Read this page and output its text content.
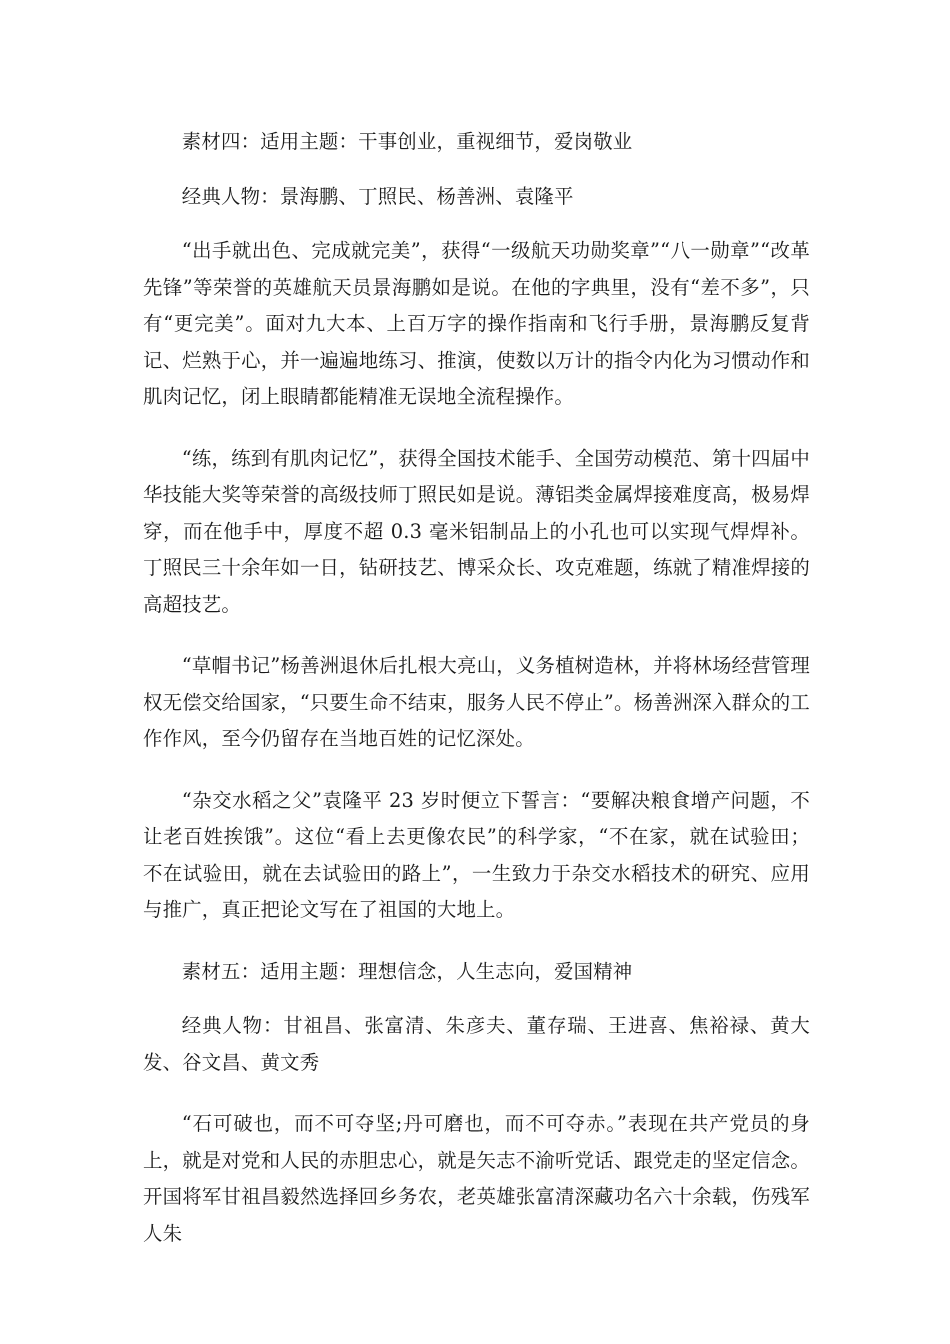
素材四：适用主题：干事创业，重视细节，爱岗敬业

经典人物：景海鹏、丁照民、杨善洲、袁隆平

“出手就出色、完成就完美”，获得“一级航天功勋奖章”“八一勋章”“改革先锋”等荣誉的英雄航天员景海鹏如是说。在他的字典里，没有“差不多”，只有“更完美”。面对九大本、上百万字的操作指南和飞行手册，景海鹏反复背记、烂熟于心，并一遍遍地练习、推演，使数以万计的指令内化为习惯动作和肌肉记忆，闭上眼睛都能精准无误地全流程操作。

“练，练到有肌肉记忆”，获得全国技术能手、全国劳动模范、第十四届中华技能大奖等荣誉的高级技师丁照民如是说。薄铝类金属焊接难度高，极易焊穿，而在他手中，厚度不超 0.3 毫米铝制品上的小孔也可以实现气焊焊补。丁照民三十余年如一日，钻研技艺、博采众长、攻克难题，练就了精准焊接的高超技艺。

“草帽书记”杨善洲退休后扎根大亮山，义务植树造林，并将林场经营管理权无偿交给国家，“只要生命不结束，服务人民不停止”。杨善洲深入群众的工作作风，至今仍留存在当地百姓的记忆深处。

“杂交水稻之父”袁隆平 23 岁时便立下誓言：“要解决粮食增产问题，不让老百姓挨饿”。这位“看上去更像农民”的科学家，“不在家，就在试验田；不在试验田，就在去试验田的路上”，一生致力于杂交水稻技术的研究、应用与推广，真正把论文写在了祖国的大地上。

素材五：适用主题：理想信念，人生志向，爱国精神

经典人物：甘祖昌、张富清、朱彦夫、董存瑞、王进喜、焦裕禄、黄大发、谷文昌、黄文秀

“石可破也，而不可夺坚;丹可磨也，而不可夺赤。”表现在共产党员的身上，就是对党和人民的赤胆忠心，就是矢志不渝听党话、跟党走的坚定信念。开国将军甘祖昌毅然选择回乡务农，老英雄张富清深藏功名六十余载，伤残军人朱
